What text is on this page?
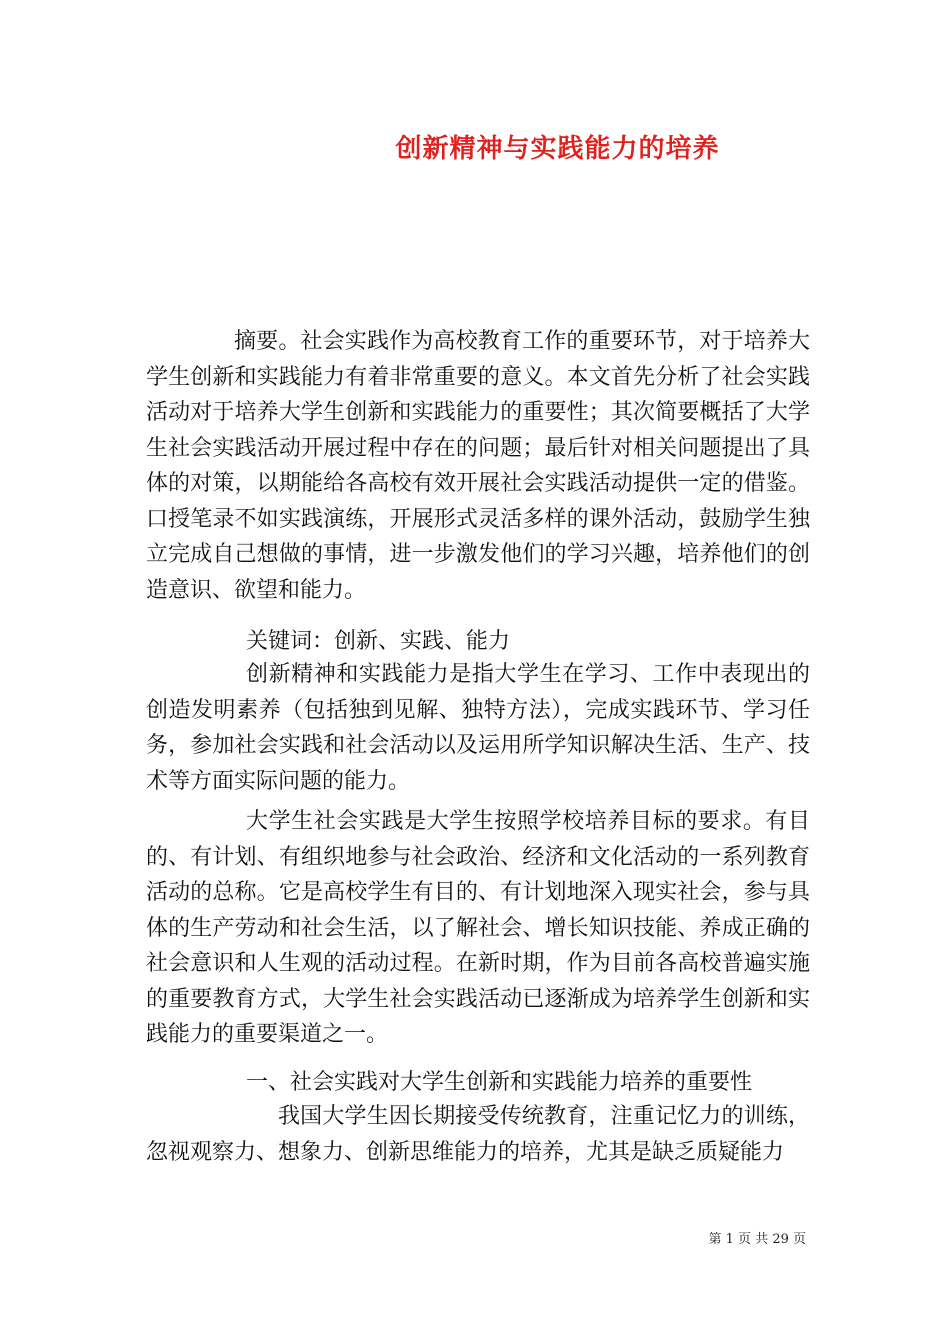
创新精神与实践能力的培养

摘要。社会实践作为高校教育工作的重要环节，对于培养大学生创新和实践能力有着非常重要的意义。本文首先分析了社会实践活动对于培养大学生创新和实践能力的重要性；其次简要概括了大学生社会实践活动开展过程中存在的问题；最后针对相关问题提出了具体的对策，以期能给各高校有效开展社会实践活动提供一定的借鉴。口授笔录不如实践演练，开展形式灵活多样的课外活动，鼓励学生独立完成自己想做的事情，进一步激发他们的学习兴趣，培养他们的创造意识、欲望和能力。

关键词：创新、实践、能力

创新精神和实践能力是指大学生在学习、工作中表现出的创造发明素养（包括独到见解、独特方法），完成实践环节、学习任务，参加社会实践和社会活动以及运用所学知识解决生活、生产、技术等方面实际问题的能力。

大学生社会实践是大学生按照学校培养目标的要求。有目的、有计划、有组织地参与社会政治、经济和文化活动的一系列教育活动的总称。它是高校学生有目的、有计划地深入现实社会，参与具体的生产劳动和社会生活，以了解社会、增长知识技能、养成正确的社会意识和人生观的活动过程。在新时期，作为目前各高校普遍实施的重要教育方式，大学生社会实践活动已逐渐成为培养学生创新和实践能力的重要渠道之一。

一、社会实践对大学生创新和实践能力培养的重要性

我国大学生因长期接受传统教育，注重记忆力的训练，忽视观察力、想象力、创新思维能力的培养，尤其是缺乏质疑能力

第 1 页 共 29 页
